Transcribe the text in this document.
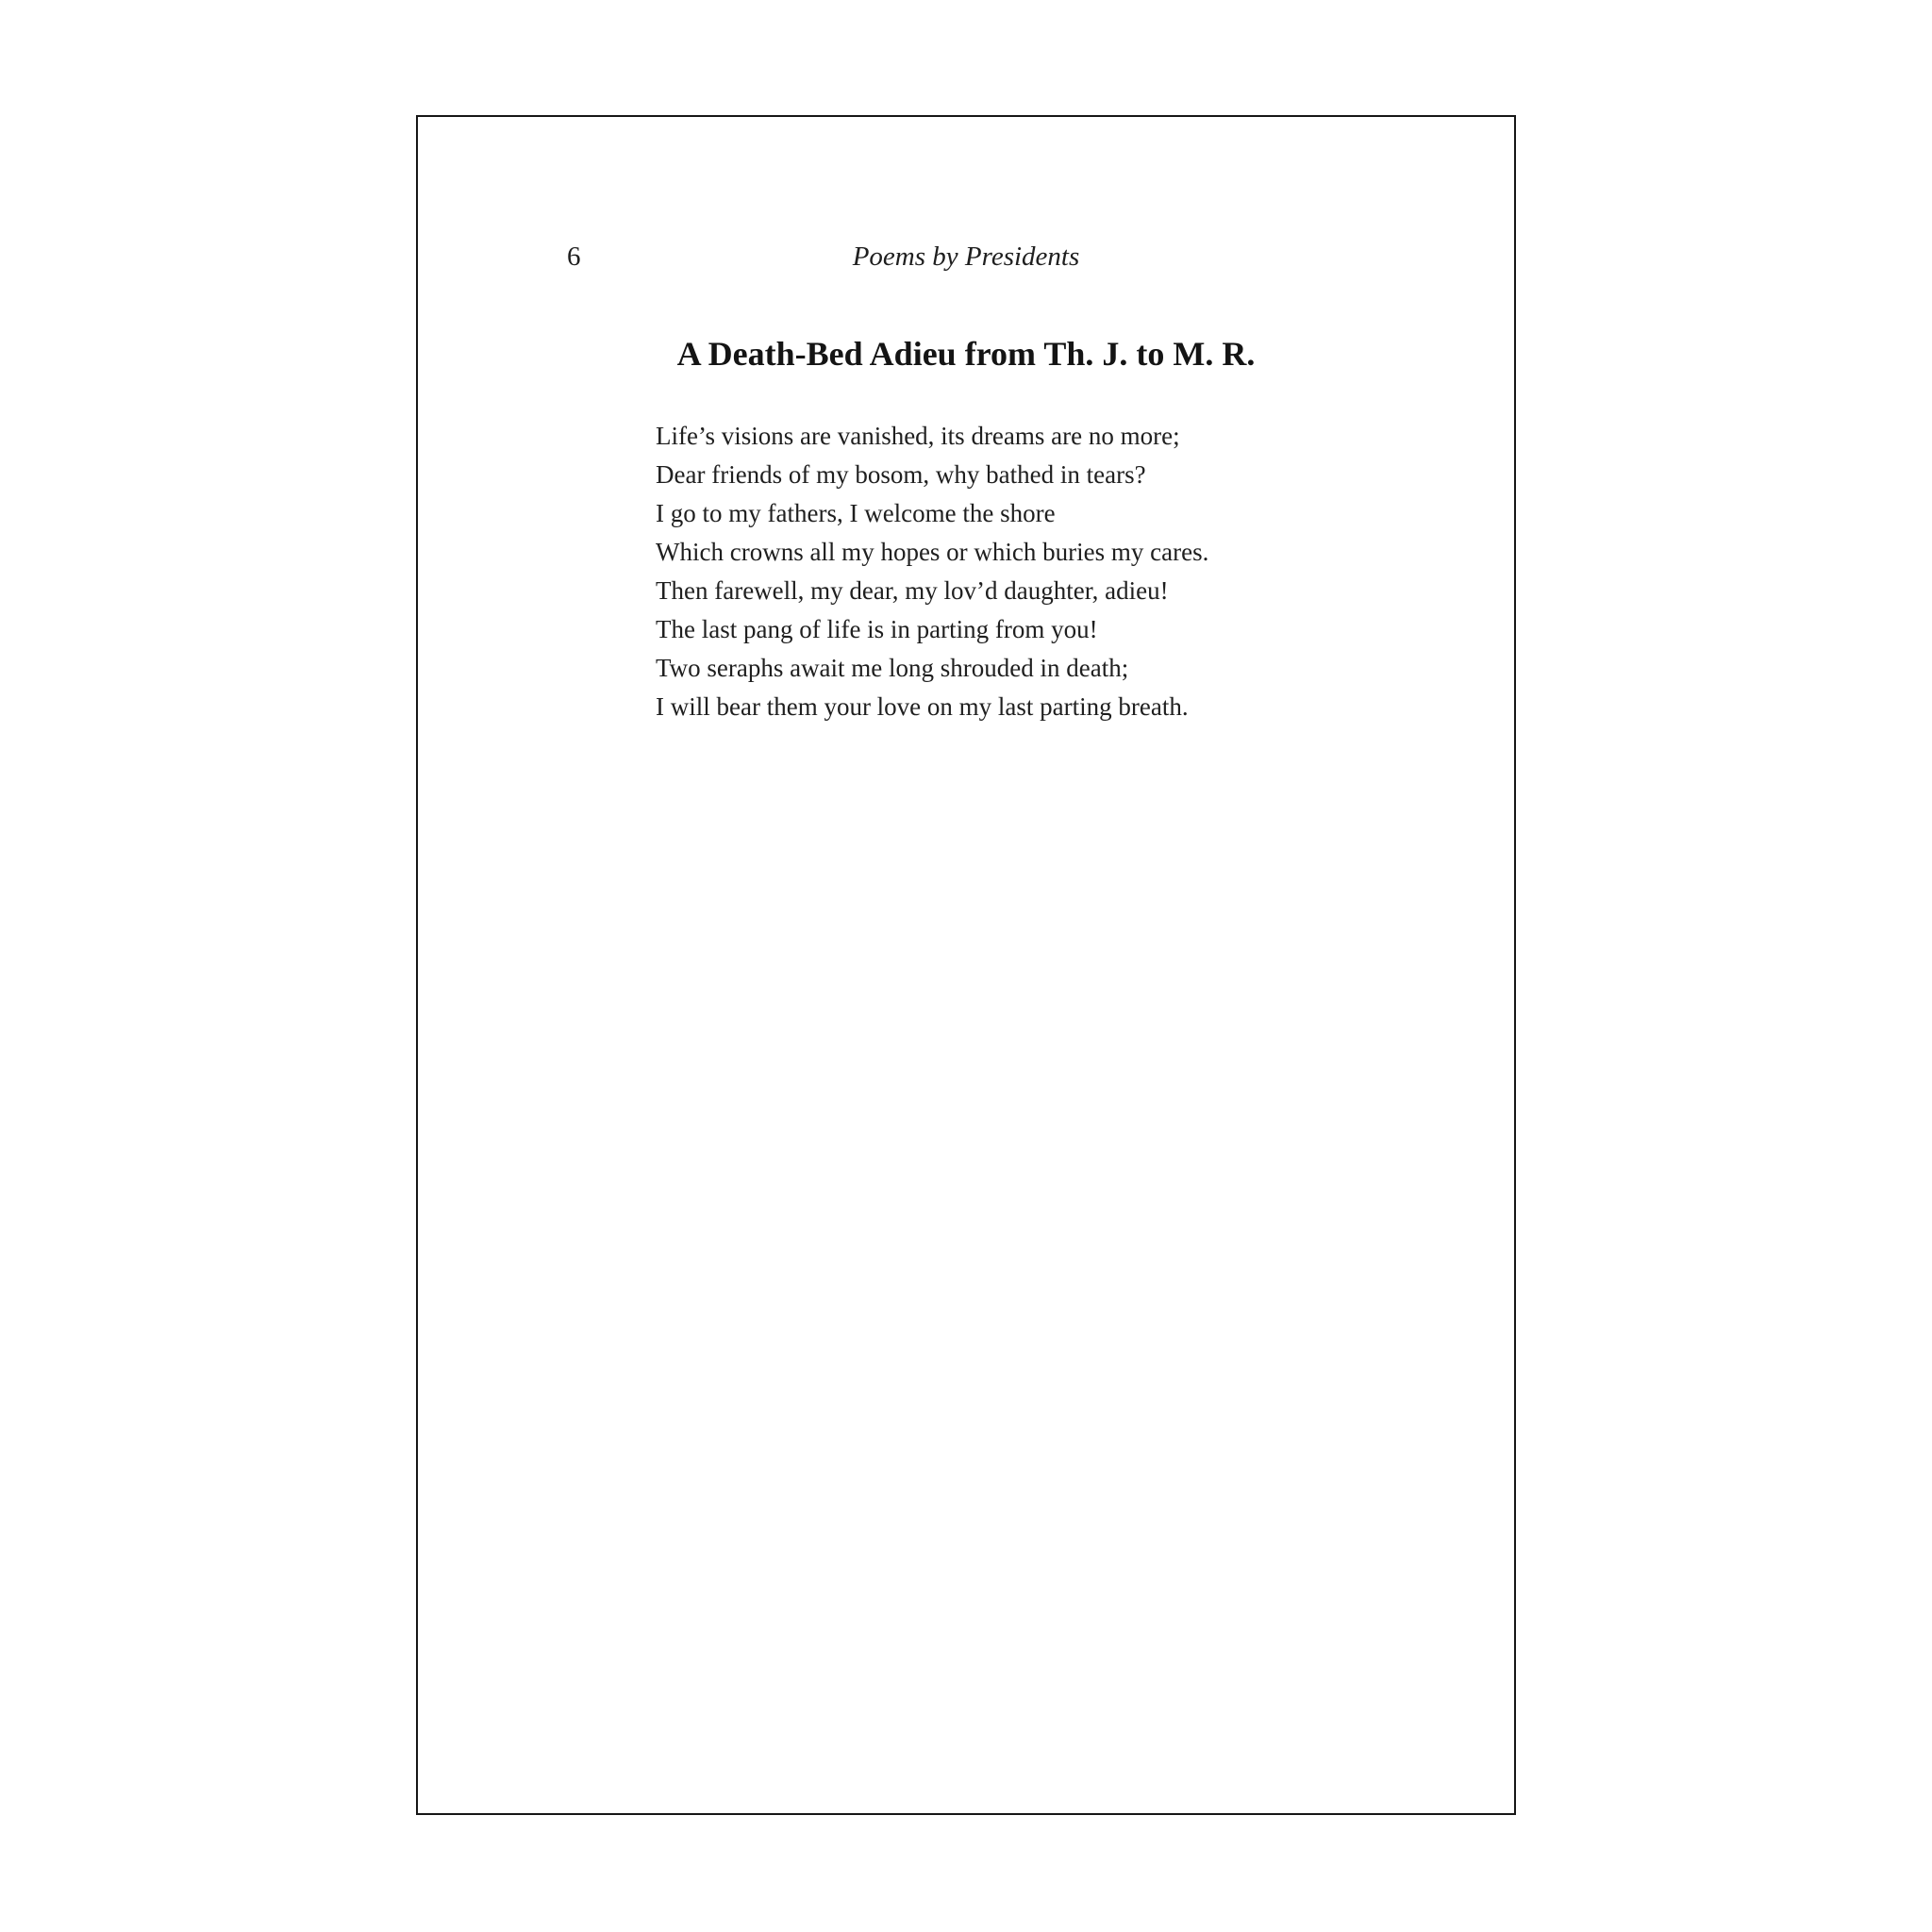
6	Poems by Presidents
A Death-Bed Adieu from Th. J. to M. R.
Life’s visions are vanished, its dreams are no more;
Dear friends of my bosom, why bathed in tears?
I go to my fathers, I welcome the shore
Which crowns all my hopes or which buries my cares.
Then farewell, my dear, my lov’d daughter, adieu!
The last pang of life is in parting from you!
Two seraphs await me long shrouded in death;
I will bear them your love on my last parting breath.
